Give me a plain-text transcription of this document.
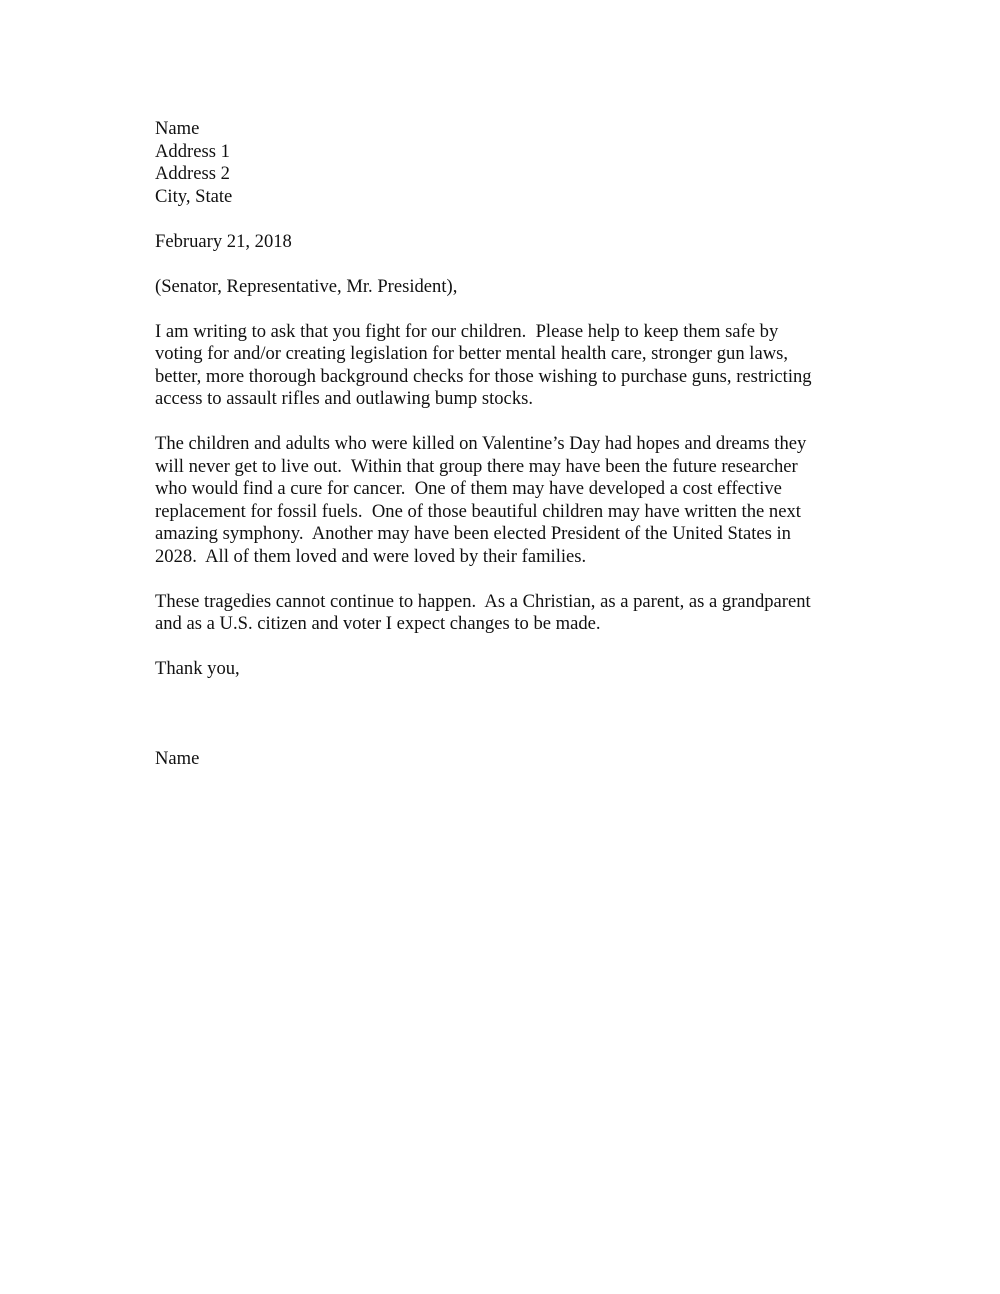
Name
Address 1
Address 2
City, State
February 21, 2018
(Senator, Representative, Mr. President),
I am writing to ask that you fight for our children.  Please help to keep them safe by
voting for and/or creating legislation for better mental health care, stronger gun laws,
better, more thorough background checks for those wishing to purchase guns, restricting
access to assault rifles and outlawing bump stocks.
The children and adults who were killed on Valentine’s Day had hopes and dreams they
will never get to live out.  Within that group there may have been the future researcher
who would find a cure for cancer.  One of them may have developed a cost effective
replacement for fossil fuels.  One of those beautiful children may have written the next
amazing symphony.  Another may have been elected President of the United States in
2028.  All of them loved and were loved by their families.
These tragedies cannot continue to happen.  As a Christian, as a parent, as a grandparent
and as a U.S. citizen and voter I expect changes to be made.
Thank you,
Name
